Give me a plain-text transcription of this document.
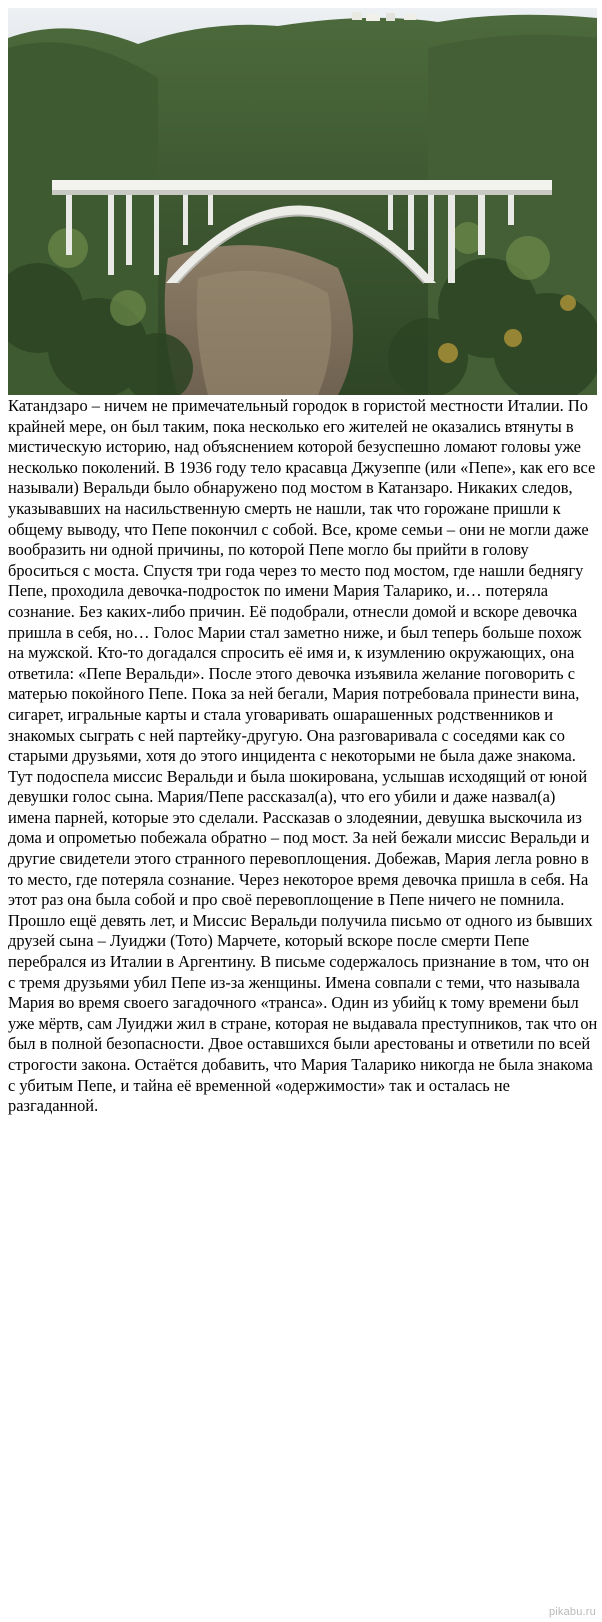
Катандзаро – ничем не примечательный городок в гористой местности Италии. По крайней мере, он был таким, пока несколько его жителей не оказались втянуты в мистическую историю, над объяснением которой безуспешно ломают головы уже несколько поколений. В 1936 году тело красавца Джузеппе (или «Пепе», как его все называли) Веральди было обнаружено под мостом в Катанзаро. Никаких следов, указывавших на насильственную смерть не нашли, так что горожане пришли к общему выводу, что Пепе покончил с собой. Все, кроме семьи – они не могли даже вообразить ни одной причины, по которой Пепе могло бы прийти в голову броситься с моста. Спустя три года через то место под мостом, где нашли беднягу Пепе, проходила девочка-подросток по имени Мария Таларико, и… потеряла сознание. Без каких-либо причин. Её подобрали, отнесли домой и вскоре девочка пришла в себя, но… Голос Марии стал заметно ниже, и был теперь больше похож на мужской. Кто-то догадался спросить её имя и, к изумлению окружающих, она ответила: «Пепе Веральди». После этого девочка изъявила желание поговорить с матерью покойного Пепе. Пока за ней бегали, Мария потребовала принести вина, сигарет, игральные карты и стала уговаривать ошарашенных родственников и знакомых сыграть с ней партейку-другую. Она разговаривала с соседями как со старыми друзьями, хотя до этого инцидента с некоторыми не была даже знакома. Тут подоспела миссис Веральди и была шокирована, услышав исходящий от юной девушки голос сына. Мария/Пепе рассказал(а), что его убили и даже назвал(а) имена парней, которые это сделали. Рассказав о злодеянии, девушка выскочила из дома и опрометью побежала обратно – под мост. За ней бежали миссис Веральди и другие свидетели этого странного перевоплощения. Добежав, Мария легла ровно в то место, где потеряла сознание. Через некоторое время девочка пришла в себя. На этот раз она была собой и про своё перевоплощение в Пепе ничего не помнила. Прошло ещё девять лет, и Миссис Веральди получила письмо от одного из бывших друзей сына – Луиджи (Тото) Марчете, который вскоре после смерти Пепе перебрался из Италии в Аргентину. В письме содержалось признание в том, что он с тремя друзьями убил Пепе из-за женщины. Имена совпали с теми, что называла Мария во время своего загадочного «транса». Один из убийц к тому времени был уже мёртв, сам Луиджи жил в стране, которая не выдавала преступников, так что он был в полной безопасности. Двое оставшихся были арестованы и ответили по всей строгости закона. Остаётся добавить, что Мария Таларико никогда не была знакома с убитым Пепе, и тайна её временной «одержимости» так и осталась не разгаданной.

pikabu.ru
